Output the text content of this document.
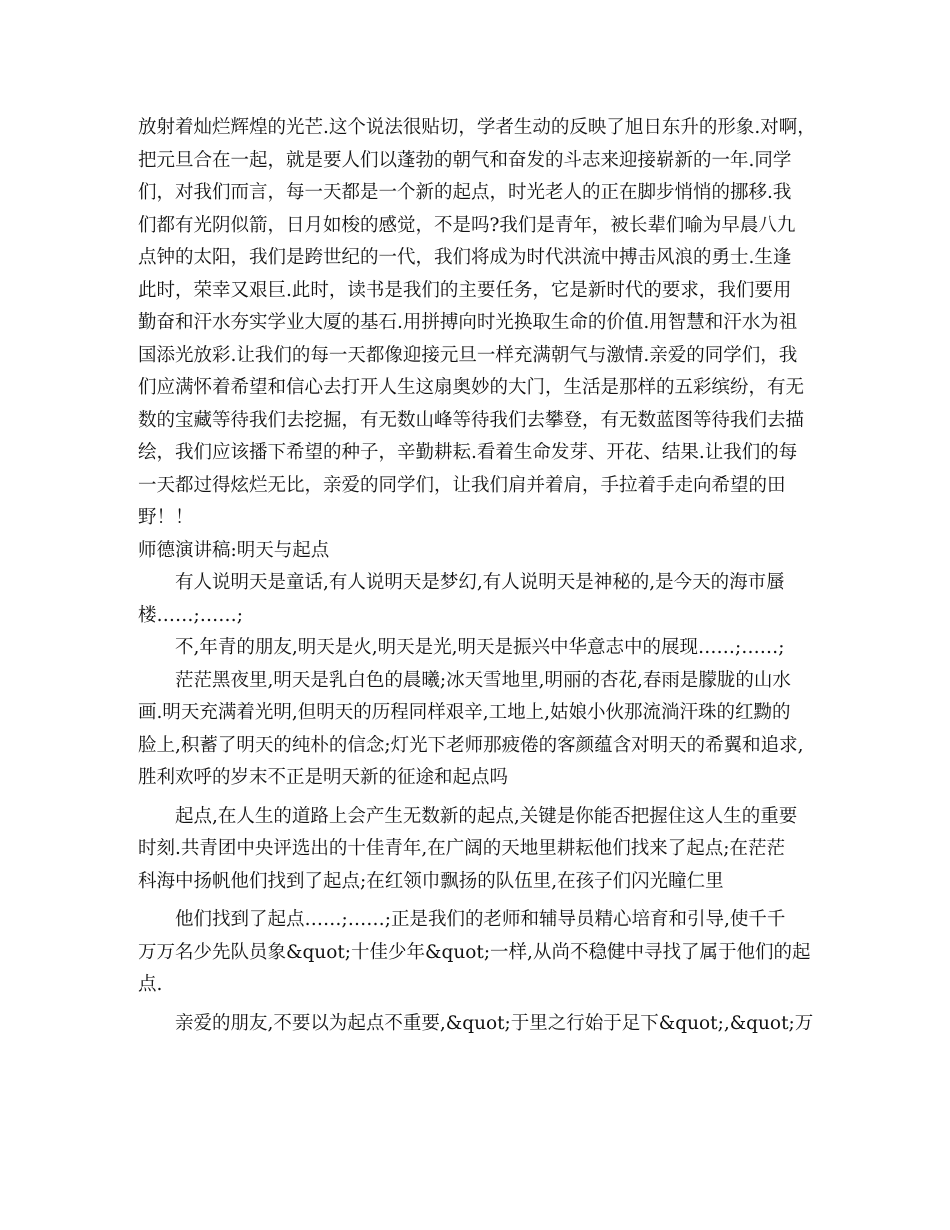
放射着灿烂辉煌的光芒.这个说法很贴切，学者生动的反映了旭日东升的形象.对啊，
把元旦合在一起，就是要人们以蓬勃的朝气和奋发的斗志来迎接崭新的一年.同学
们，对我们而言，每一天都是一个新的起点，时光老人的正在脚步悄悄的挪移.我
们都有光阴似箭，日月如梭的感觉，不是吗?我们是青年，被长辈们喻为早晨八九
点钟的太阳，我们是跨世纪的一代，我们将成为时代洪流中搏击风浪的勇士.生逢
此时，荣幸又艰巨.此时，读书是我们的主要任务，它是新时代的要求，我们要用
勤奋和汗水夯实学业大厦的基石.用拼搏向时光换取生命的价值.用智慧和汗水为祖
国添光放彩.让我们的每一天都像迎接元旦一样充满朝气与激情.亲爱的同学们，我
们应满怀着希望和信心去打开人生这扇奥妙的大门，生活是那样的五彩缤纷，有无
数的宝藏等待我们去挖掘，有无数山峰等待我们去攀登，有无数蓝图等待我们去描
绘，我们应该播下希望的种子，辛勤耕耘.看着生命发芽、开花、结果.让我们的每
一天都过得炫烂无比，亲爱的同学们，让我们肩并着肩，手拉着手走向希望的田
野！！
师德演讲稿:明天与起点
有人说明天是童话,有人说明天是梦幻,有人说明天是神秘的,是今天的海市蜃
楼……;……;
不,年青的朋友,明天是火,明天是光,明天是振兴中华意志中的展现……;……;
茫茫黑夜里,明天是乳白色的晨曦;冰天雪地里,明丽的杏花,春雨是朦胧的山水
画.明天充满着光明,但明天的历程同样艰辛,工地上,姑娘小伙那流淌汗珠的红黝的
脸上,积蓄了明天的纯朴的信念;灯光下老师那疲倦的客颜蕴含对明天的希翼和追求,
胜利欢呼的岁末不正是明天新的征途和起点吗
起点,在人生的道路上会产生无数新的起点,关键是你能否把握住这人生的重要
时刻.共青团中央评选出的十佳青年,在广阔的天地里耕耘他们找来了起点;在茫茫
科海中扬帆他们找到了起点;在红领巾飘扬的队伍里,在孩子们闪光瞳仁里
他们找到了起点……;……;正是我们的老师和辅导员精心培育和引导,使千千
万万名少先队员象&quot;十佳少年&quot;一样,从尚不稳健中寻找了属于他们的起
点.
亲爱的朋友,不要以为起点不重要,&quot;于里之行始于足下&quot;,&quot;万
